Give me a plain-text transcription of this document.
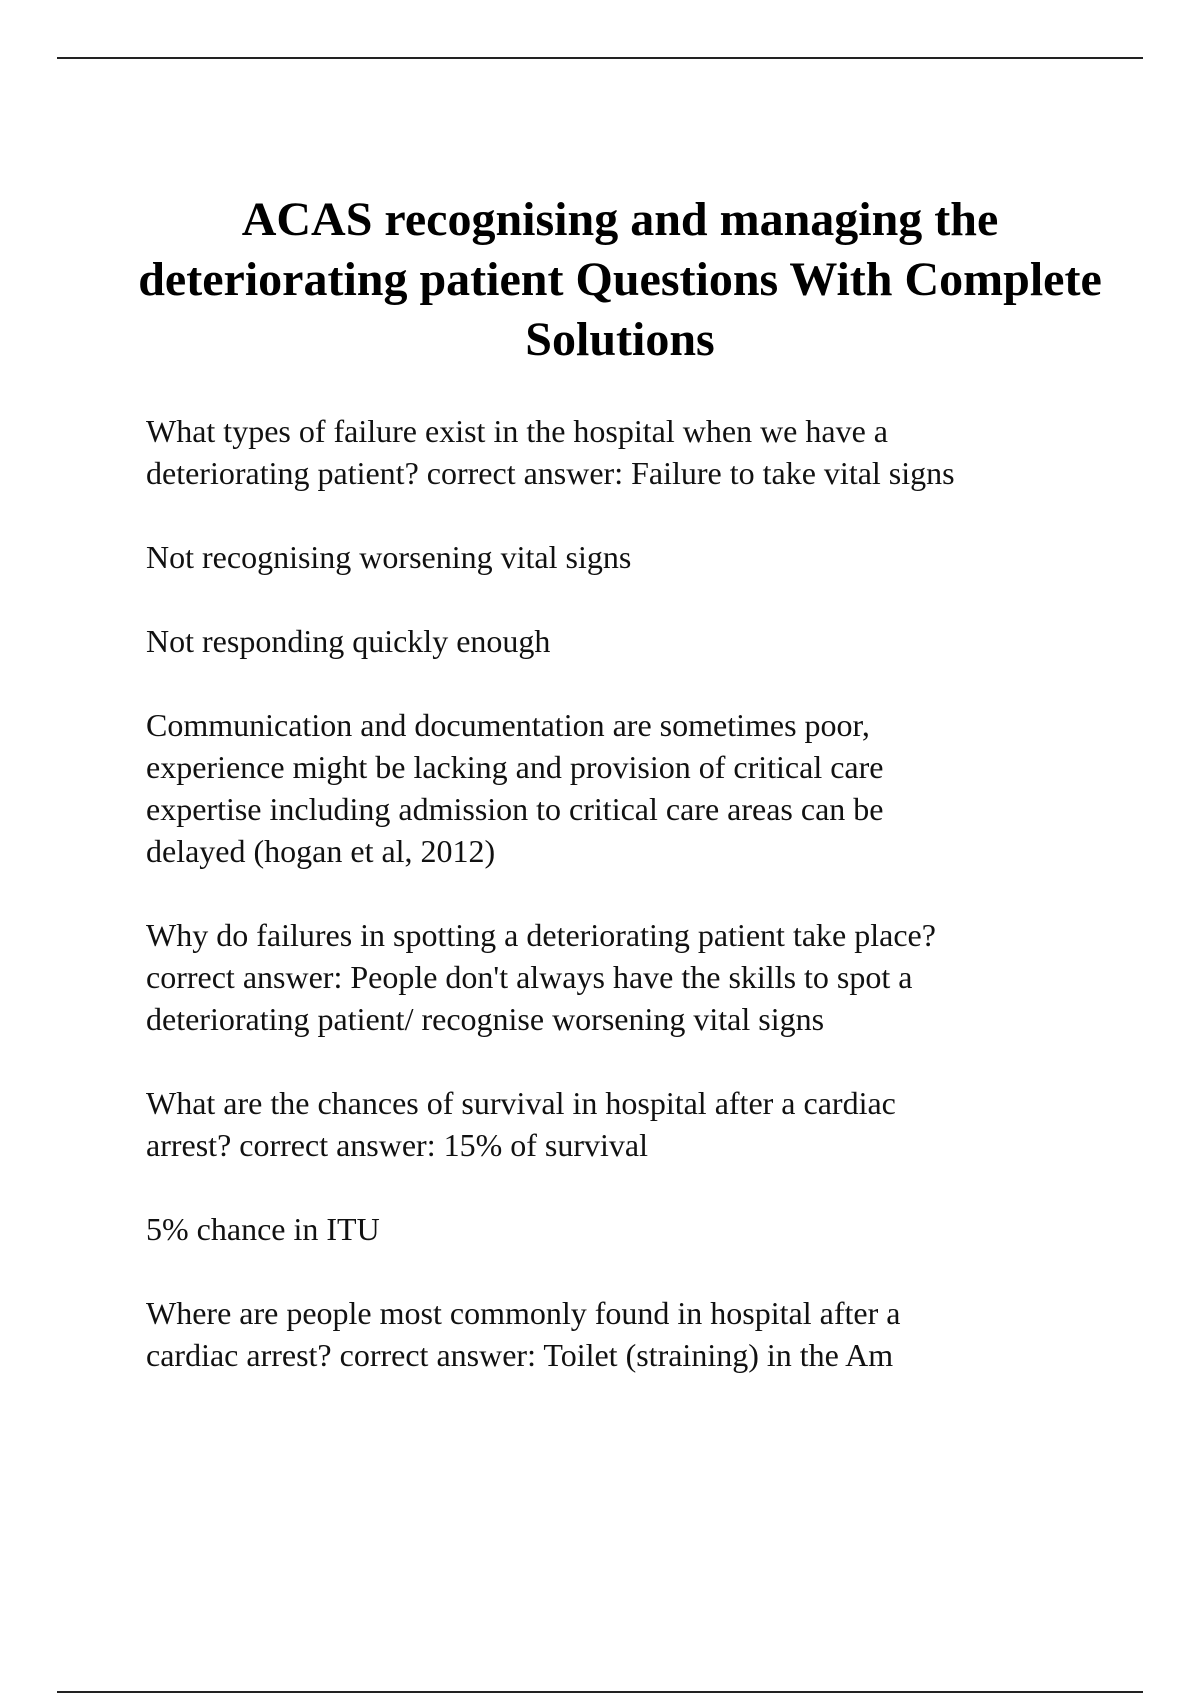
ACAS recognising and managing the deteriorating patient Questions With Complete Solutions

What types of failure exist in the hospital when we have a
deteriorating patient? correct answer: Failure to take vital signs

Not recognising worsening vital signs

Not responding quickly enough

Communication and documentation are sometimes poor,
experience might be lacking and provision of critical care
expertise including admission to critical care areas can be
delayed (hogan et al, 2012)

Why do failures in spotting a deteriorating patient take place?
correct answer: People don't always have the skills to spot a
deteriorating patient/ recognise worsening vital signs

What are the chances of survival in hospital after a cardiac
arrest? correct answer: 15% of survival

5% chance in ITU

Where are people most commonly found in hospital after a
cardiac arrest? correct answer: Toilet (straining) in the Am
